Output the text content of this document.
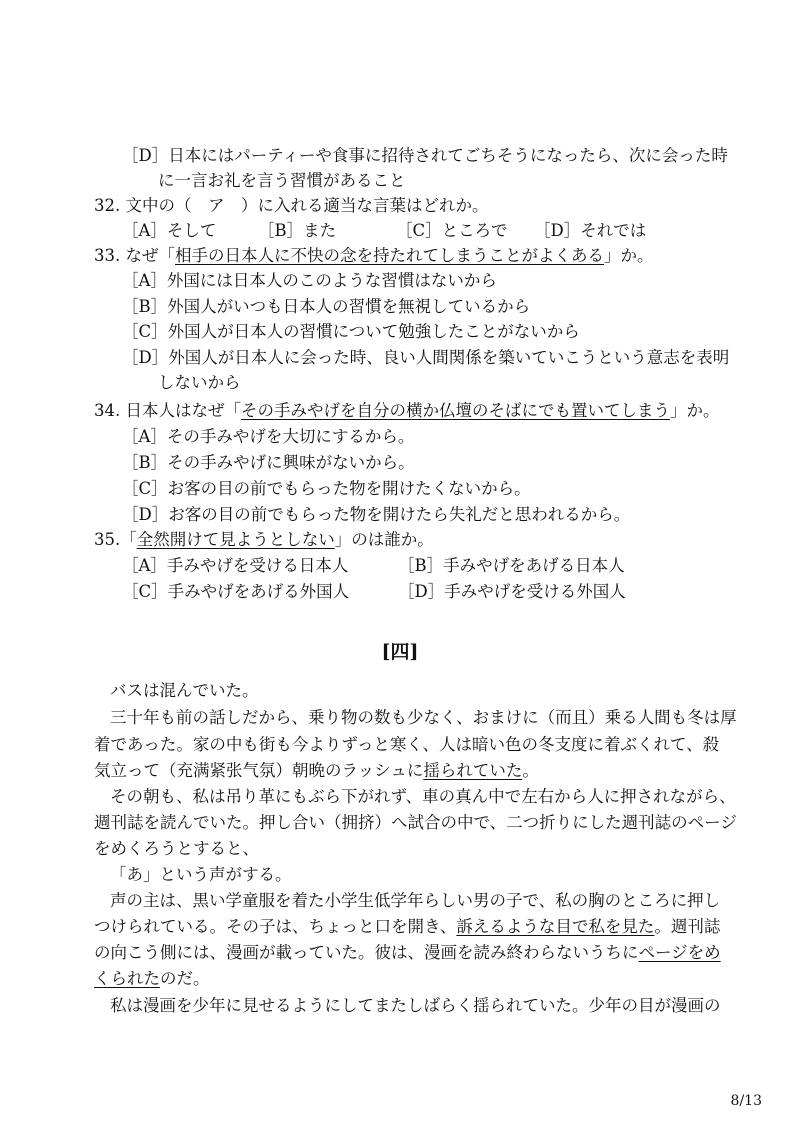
［D］日本にはパーティーや食事に招待されてごちそうになったら、次に会った時
に一言お礼を言う習慣があること
32. 文中の（　ア　）に入れる適当な言葉はどれか。
［A］そして	［B］また	［C］ところで ［D］それでは
33. なぜ「相手の日本人に不快の念を持たれてしまうことがよくある」か。
［A］外国には日本人のこのような習慣はないから
［B］外国人がいつも日本人の習慣を無視しているから
［C］外国人が日本人の習慣について勉強したことがないから
［D］外国人が日本人に会った時、良い人間関係を築いていこうという意志を表明
しないから
34. 日本人はなぜ「その手みやげを自分の横か仏壇のそばにでも置いてしまう」か。
［A］その手みやげを大切にするから。
［B］その手みやげに興味がないから。
［C］お客の目の前でもらった物を開けたくないから。
［D］お客の目の前でもらった物を開けたら失礼だと思われるから。
35.「全然開けて見ようとしない」のは誰か。
［A］手みやげを受ける日本人	［B］手みやげをあげる日本人
［C］手みやげをあげる外国人	［D］手みやげを受ける外国人
[四]
バスは混んでいた。
三十年も前の話しだから、乗り物の数も少なく、おまけに（而且）乗る人間も冬は厚
着であった。家の中も街も今よりずっと寒く、人は暗い色の冬支度に着ぶくれて、殺
気立って（充满紧张气氛）朝晩のラッシュに揺られていた。
その朝も、私は吊り革にもぶら下がれず、車の真ん中で左右から人に押されながら、
週刊誌を読んでいた。押し合い（拥挤）へ試合の中で、二つ折りにした週刊誌のページ
をめくろうとすると、
「あ」という声がする。
声の主は、黒い学童服を着た小学生低学年らしい男の子で、私の胸のところに押し
つけられている。その子は、ちょっと口を開き、訴えるような目で私を見た。週刊誌
の向こう側には、漫画が載っていた。彼は、漫画を読み終わらないうちにページをめ
くられたのだ。
私は漫画を少年に見せるようにしてまたしばらく揺られていた。少年の目が漫画の
8/13
